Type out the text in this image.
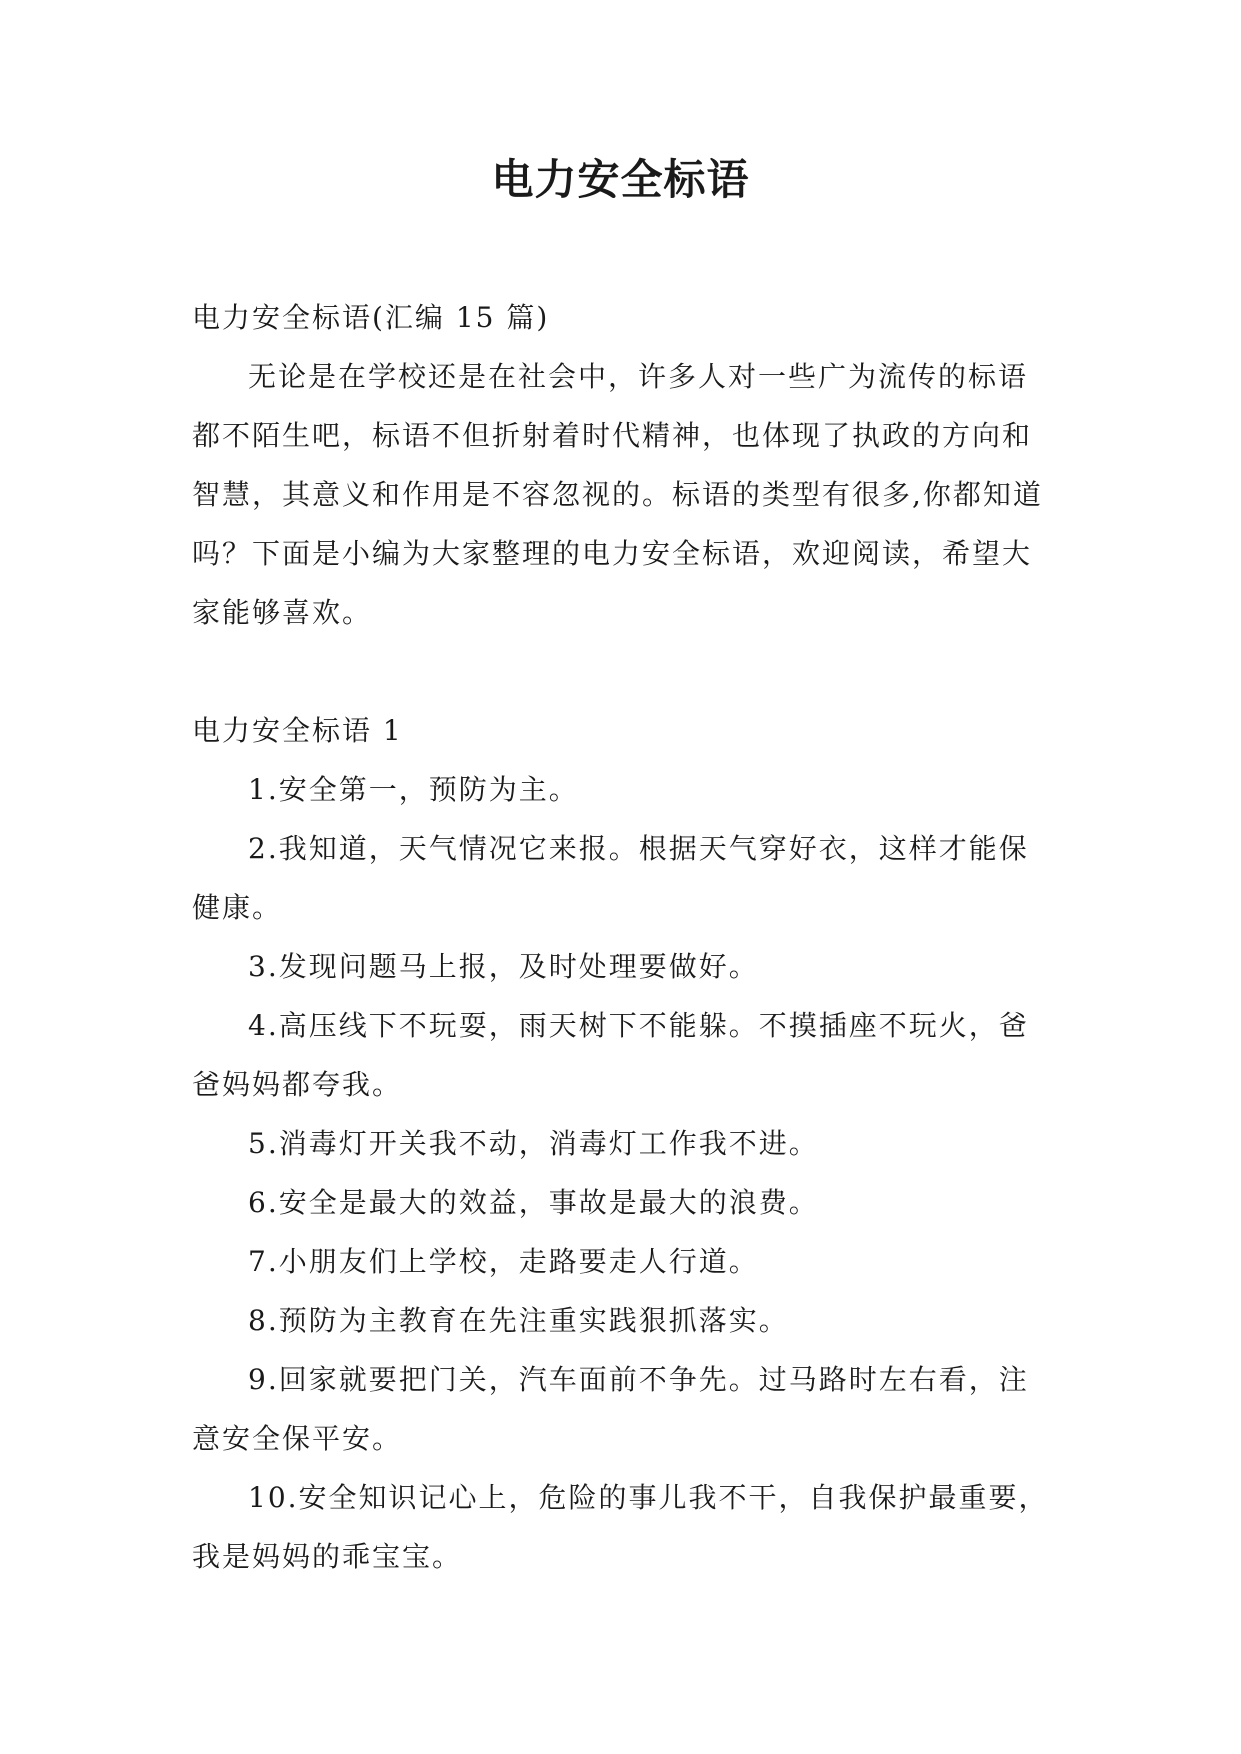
电力安全标语

电力安全标语(汇编 15 篇)

无论是在学校还是在社会中，许多人对一些广为流传的标语都不陌生吧，标语不但折射着时代精神，也体现了执政的方向和智慧，其意义和作用是不容忽视的。标语的类型有很多,你都知道吗？下面是小编为大家整理的电力安全标语，欢迎阅读，希望大家能够喜欢。

电力安全标语 1

1.安全第一，预防为主。

2.我知道，天气情况它来报。根据天气穿好衣，这样才能保健康。

3.发现问题马上报，及时处理要做好。

4.高压线下不玩耍，雨天树下不能躲。不摸插座不玩火，爸爸妈妈都夸我。

5.消毒灯开关我不动，消毒灯工作我不进。

6.安全是最大的效益，事故是最大的浪费。

7.小朋友们上学校，走路要走人行道。

8.预防为主教育在先注重实践狠抓落实。

9.回家就要把门关，汽车面前不争先。过马路时左右看，注意安全保平安。

10.安全知识记心上，危险的事儿我不干，自我保护最重要，我是妈妈的乖宝宝。
